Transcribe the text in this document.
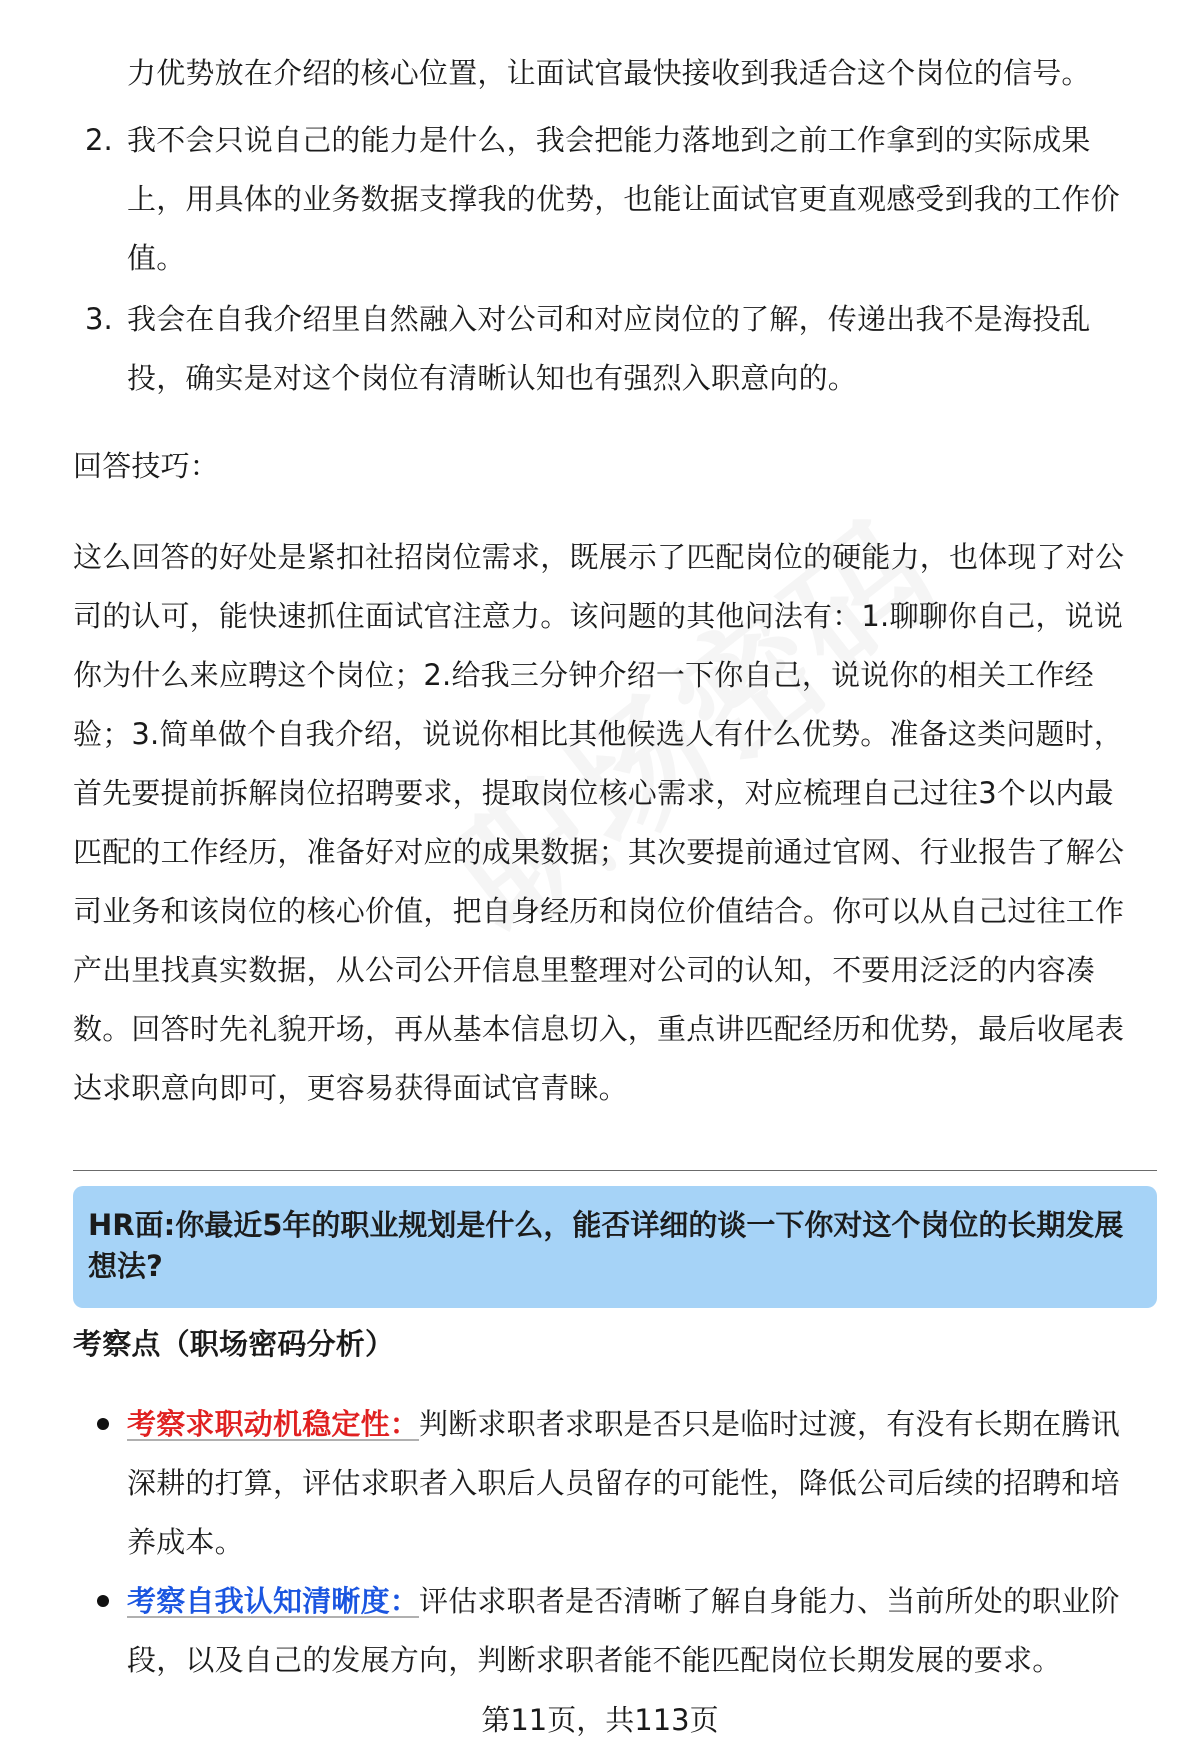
力优势放在介绍的核心位置，让面试官最快接收到我适合这个岗位的信号。
2. 我不会只说自己的能力是什么，我会把能力落地到之前工作拿到的实际成果
上，用具体的业务数据支撑我的优势，也能让面试官更直观感受到我的工作价
值。
3. 我会在自我介绍里自然融入对公司和对应岗位的了解，传递出我不是海投乱
投，确实是对这个岗位有清晰认知也有强烈入职意向的。
回答技巧：
这么回答的好处是紧扣社招岗位需求，既展示了匹配岗位的硬能力，也体现了对公
司的认可，能快速抓住面试官注意力。该问题的其他问法有：1.聊聊你自己，说说
你为什么来应聘这个岗位；2.给我三分钟介绍一下你自己，说说你的相关工作经
验；3.简单做个自我介绍，说说你相比其他候选人有什么优势。准备这类问题时，
首先要提前拆解岗位招聘要求，提取岗位核心需求，对应梳理自己过往3个以内最
匹配的工作经历，准备好对应的成果数据；其次要提前通过官网、行业报告了解公
司业务和该岗位的核心价值，把自身经历和岗位价值结合。你可以从自己过往工作
产出里找真实数据，从公司公开信息里整理对公司的认知，不要用泛泛的内容凑
数。回答时先礼貌开场，再从基本信息切入，重点讲匹配经历和优势，最后收尾表
达求职意向即可，更容易获得面试官青睐。
HR面:你最近5年的职业规划是什么，能否详细的谈一下你对这个岗位的长期发展
想法?
考察点（职场密码分析）
考察求职动机稳定性：判断求职者求职是否只是临时过渡，有没有长期在腾讯
深耕的打算，评估求职者入职后人员留存的可能性，降低公司后续的招聘和培
养成本。
考察自我认知清晰度：评估求职者是否清晰了解自身能力、当前所处的职业阶
段，以及自己的发展方向，判断求职者能不能匹配岗位长期发展的要求。
第11页，共113页
